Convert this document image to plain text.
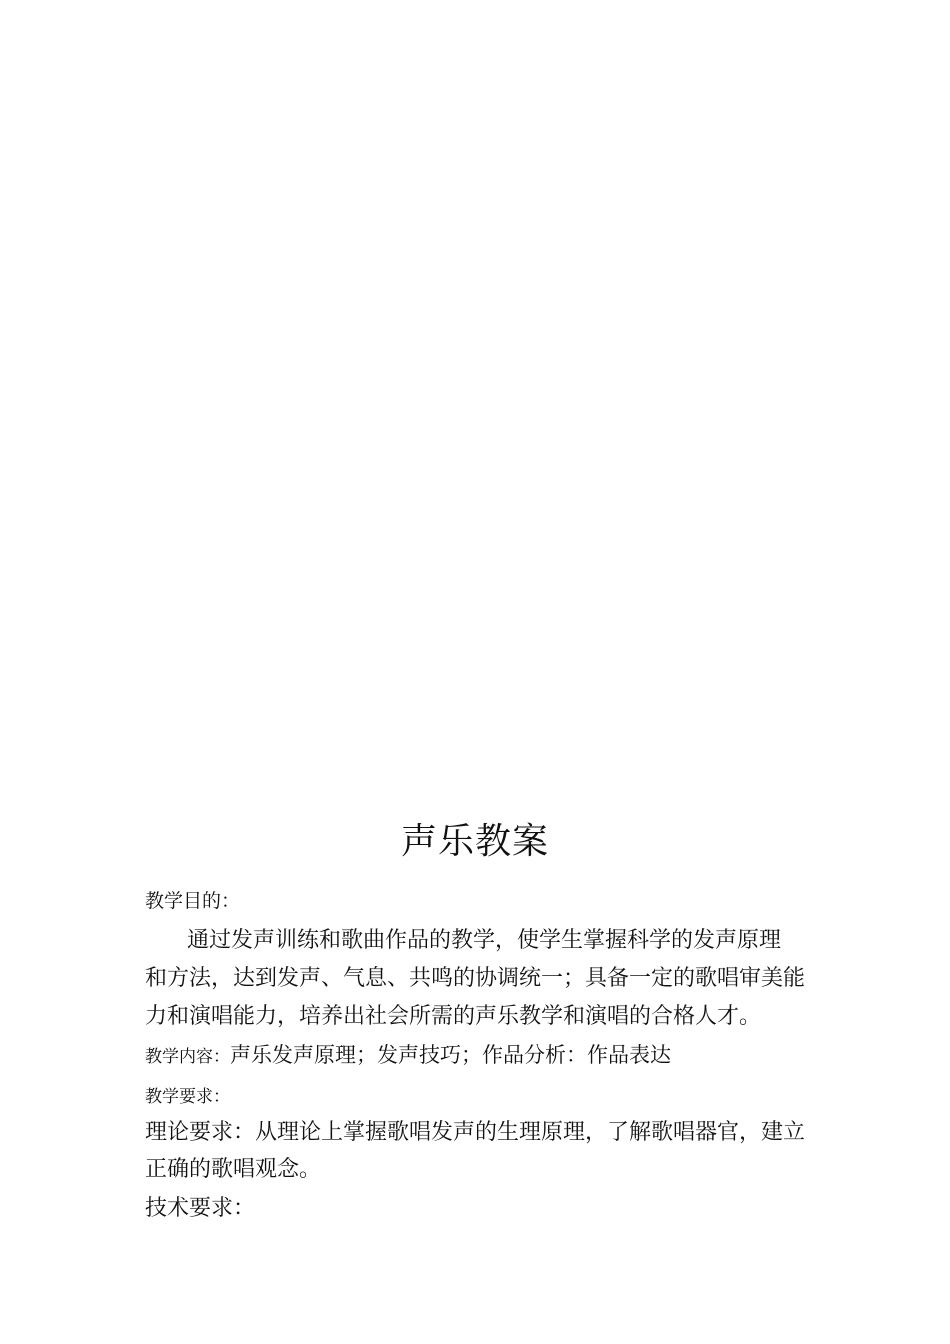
声乐教案
教学目的：
通过发声训练和歌曲作品的教学，使学生掌握科学的发声原理
和方法，达到发声、气息、共鸣的协调统一；具备一定的歌唱审美能
力和演唱能力，培养出社会所需的声乐教学和演唱的合格人才。
教学内容：声乐发声原理；发声技巧；作品分析：作品表达
教学要求：
理论要求：从理论上掌握歌唱发声的生理原理，了解歌唱器官，建立
正确的歌唱观念。
技术要求：
